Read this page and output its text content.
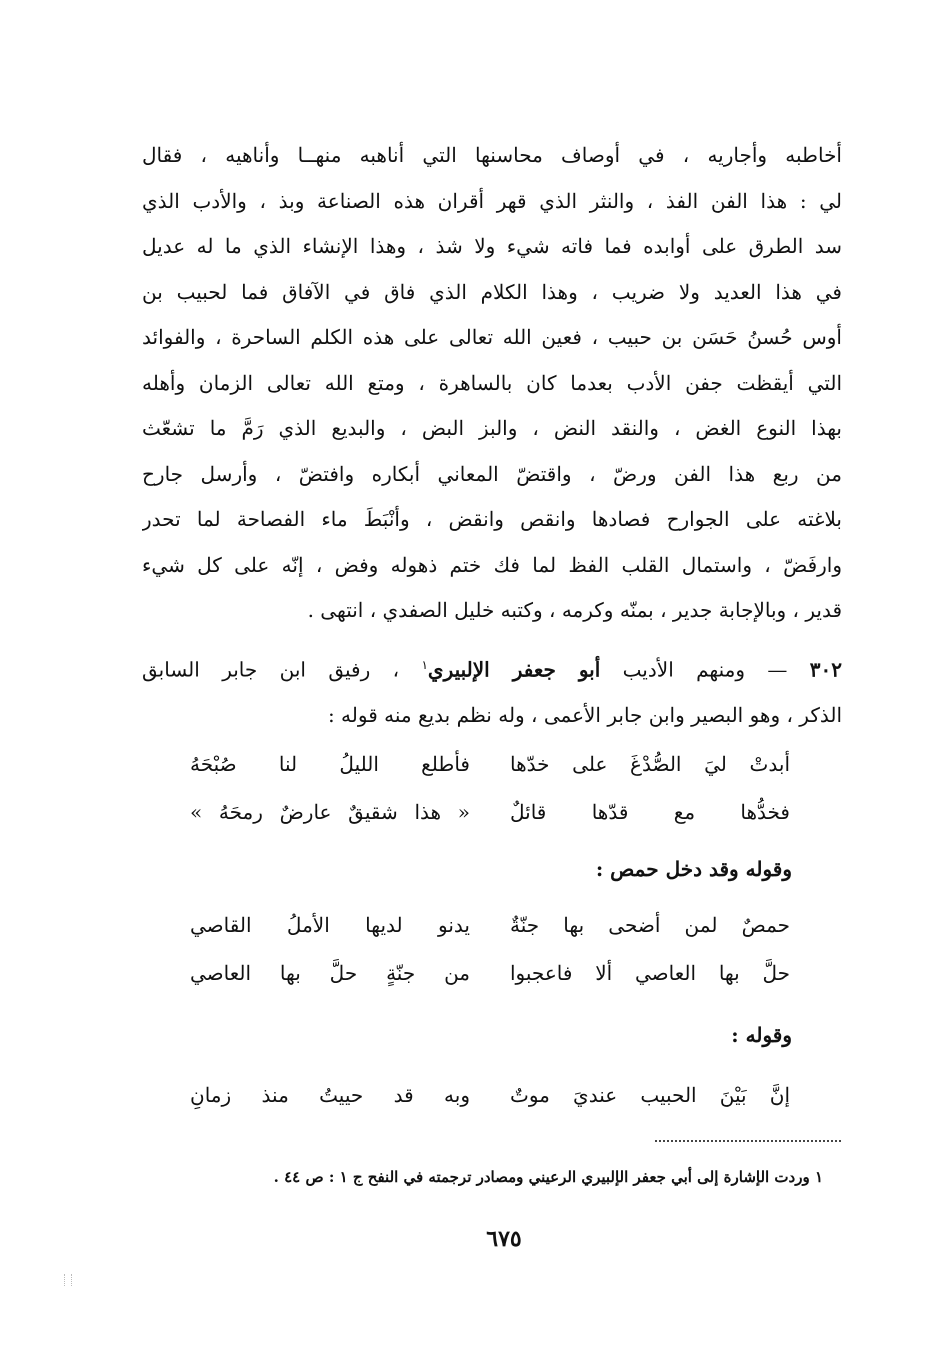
أخاطبه وأجاريه ، في أوصاف محاسنها التي أناهبه منهــا وأناهيه ، فقال
لي : هذا الفن الفذ ، والنثر الذي قهر أقران هذه الصناعة وبذ ، والأدب الذي
سد الطرق على أوابده فما فاته شيء ولا شذ ، وهذا الإنشاء الذي ما له عديل
في هذا العديد ولا ضريب ، وهذا الكلام الذي فاق في الآفاق فما لحبيب بن
أوس حُسنُ حَسَن بن حبيب ، فعين الله تعالى على هذه الكلم الساحرة ، والفوائد
التي أيقظت جفن الأدب بعدما كان بالساهرة ، ومتع الله تعالى الزمان وأهله
بهذا النوع الغض ، والنقد النض ، والبز البض ، والبديع الذي رَمَّ ما تشعّث
من ربع هذا الفن ورضّ ، واقتضّ المعاني أبكاره وافتضّ ، وأرسل جارح
بلاغته على الجوارح فصادها وانقص وانقض ، وأنْبَطَ ماء الفصاحة لما تحدر
وارفَضّ ، واستمال القلب الفظ لما فك ختم ذهوله وفض ، إنّه على كل شيء
قدير ، وبالإجابة جدير ، بمنّه وكرمه ، وكتبه خليل الصفدي ، انتهى .
٣٠٢ — ومنهم الأديب أبو جعفر الإلبيري$^١$ ، رفيق ابن جابر السابق
الذكر ، وهو البصير وابن جابر الأعمى ، وله نظم بديع منه قوله :
أبدتْ ليَ الصُّدْغَ على خدّها
فأطلع الليلُ لنا صُبْحَهُ
فخدُّها مع قدّها قائلٌ
« هذا شقيقٌ عارضٌ رمحَهُ »
وقوله وقد دخل حمص :
حمصٌ لمن أضحى بها جنّةٌ
يدنو لديها الأملُ القاصي
حلَّ بها العاصي ألا فاعجبوا
من جنّةٍ حلَّ بها العاصي
وقوله :
إنَّ بَيْنَ الحبيب عنديَ موتٌ
وبه قد حييتُ منذ زمانِ
١ وردت الإشارة إلى أبي جعفر الإلبيري الرعيني ومصادر ترجمته في النفح ج ١ : ص ٤٤ .
٦٧٥
